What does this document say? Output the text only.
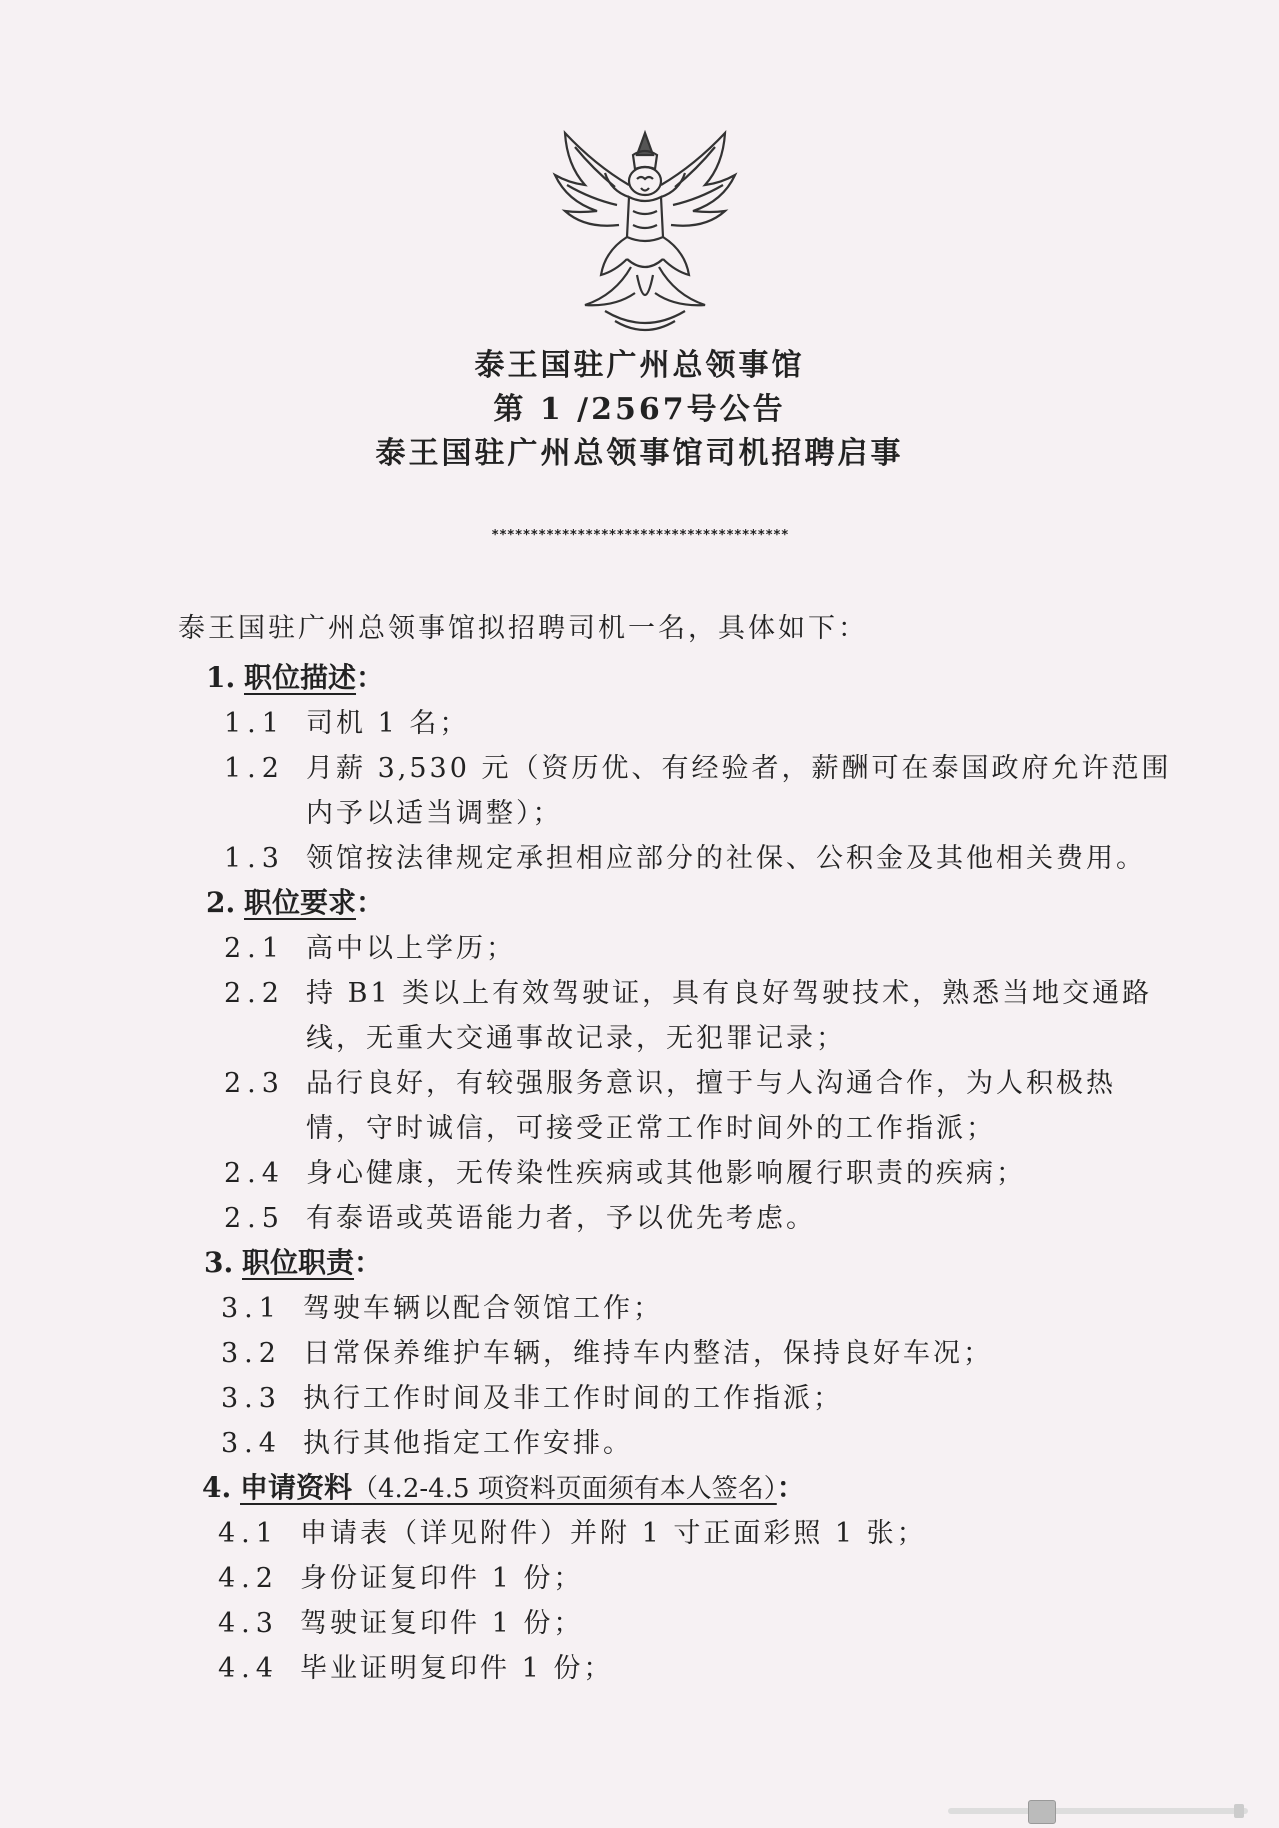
泰王国驻广州总领事馆
第 1 /2567号公告
泰王国驻广州总领事馆司机招聘启事
**************************************
泰王国驻广州总领事馆拟招聘司机一名，具体如下：
1. 职位描述：
1.1 司机 1 名；
1.2 月薪 3,530 元（资历优、有经验者，薪酬可在泰国政府允许范围
内予以适当调整）；
1.3 领馆按法律规定承担相应部分的社保、公积金及其他相关费用。
2. 职位要求：
2.1 高中以上学历；
2.2 持 B1 类以上有效驾驶证，具有良好驾驶技术，熟悉当地交通路
线，无重大交通事故记录，无犯罪记录；
2.3 品行良好，有较强服务意识，擅于与人沟通合作，为人积极热
情，守时诚信，可接受正常工作时间外的工作指派；
2.4 身心健康，无传染性疾病或其他影响履行职责的疾病；
2.5 有泰语或英语能力者，予以优先考虑。
3. 职位职责：
3.1 驾驶车辆以配合领馆工作；
3.2 日常保养维护车辆，维持车内整洁，保持良好车况；
3.3 执行工作时间及非工作时间的工作指派；
3.4 执行其他指定工作安排。
4. 申请资料（4.2-4.5 项资料页面须有本人签名）：
4.1 申请表（详见附件）并附 1 寸正面彩照 1 张；
4.2 身份证复印件 1 份；
4.3 驾驶证复印件 1 份；
4.4 毕业证明复印件 1 份；
